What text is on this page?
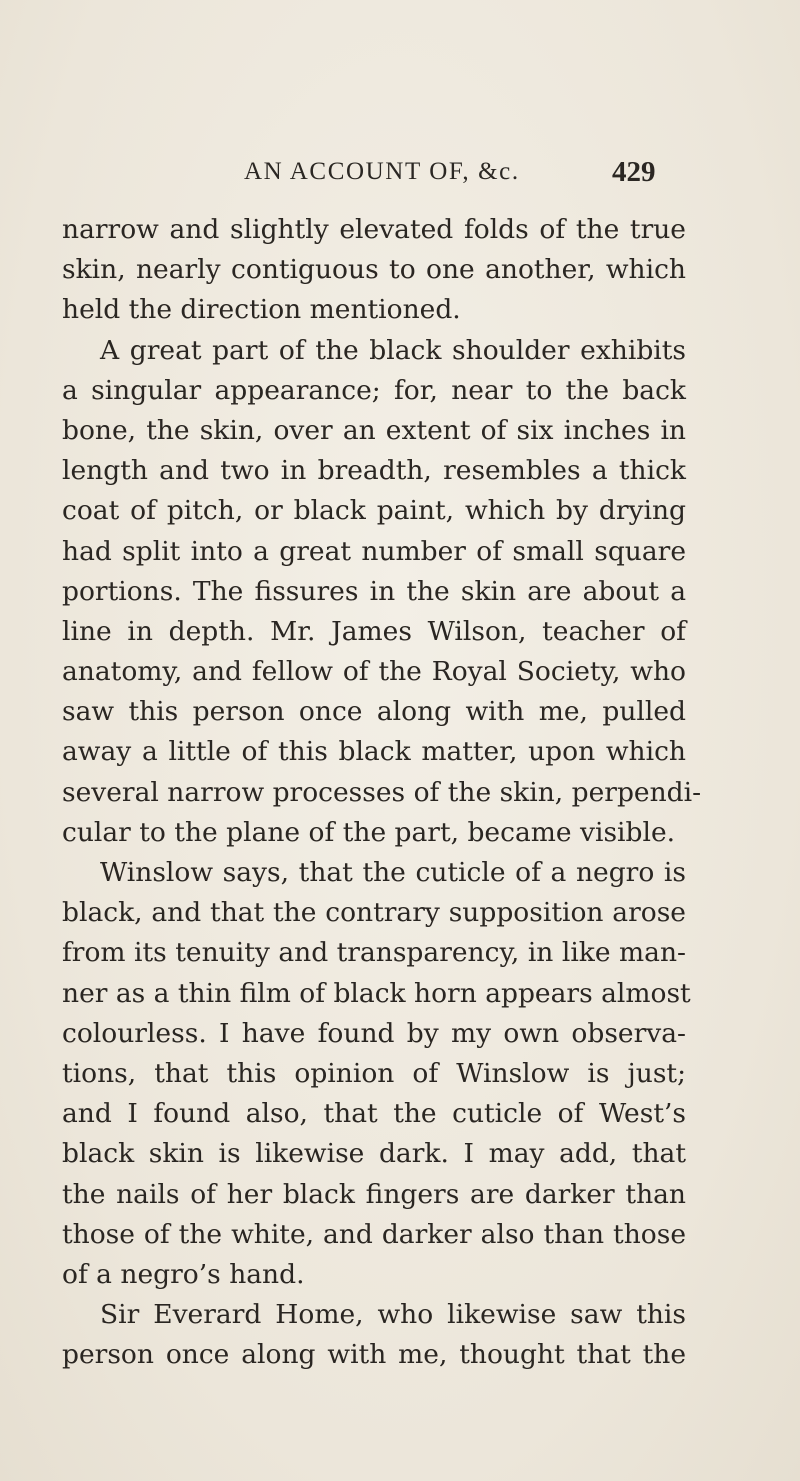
AN ACCOUNT OF, &c.	429
narrow and slightly elevated folds of the true
skin, nearly contiguous to one another, which
held the direction mentioned.
A great part of the black shoulder exhibits
a singular appearance; for, near to the back
bone, the skin, over an extent of six inches in
length and two in breadth, resembles a thick
coat of pitch, or black paint, which by drying
had split into a great number of small square
portions. The fissures in the skin are about a
line in depth. Mr. James Wilson, teacher of
anatomy, and fellow of the Royal Society, who
saw this person once along with me, pulled
away a little of this black matter, upon which
several narrow processes of the skin, perpendi-
cular to the plane of the part, became visible.
Winslow says, that the cuticle of a negro is
black, and that the contrary supposition arose
from its tenuity and transparency, in like man-
ner as a thin film of black horn appears almost
colourless. I have found by my own observa-
tions, that this opinion of Winslow is just;
and I found also, that the cuticle of West’s
black skin is likewise dark. I may add, that
the nails of her black fingers are darker than
those of the white, and darker also than those
of a negro’s hand.
Sir Everard Home, who likewise saw this
person once along with me, thought that the
